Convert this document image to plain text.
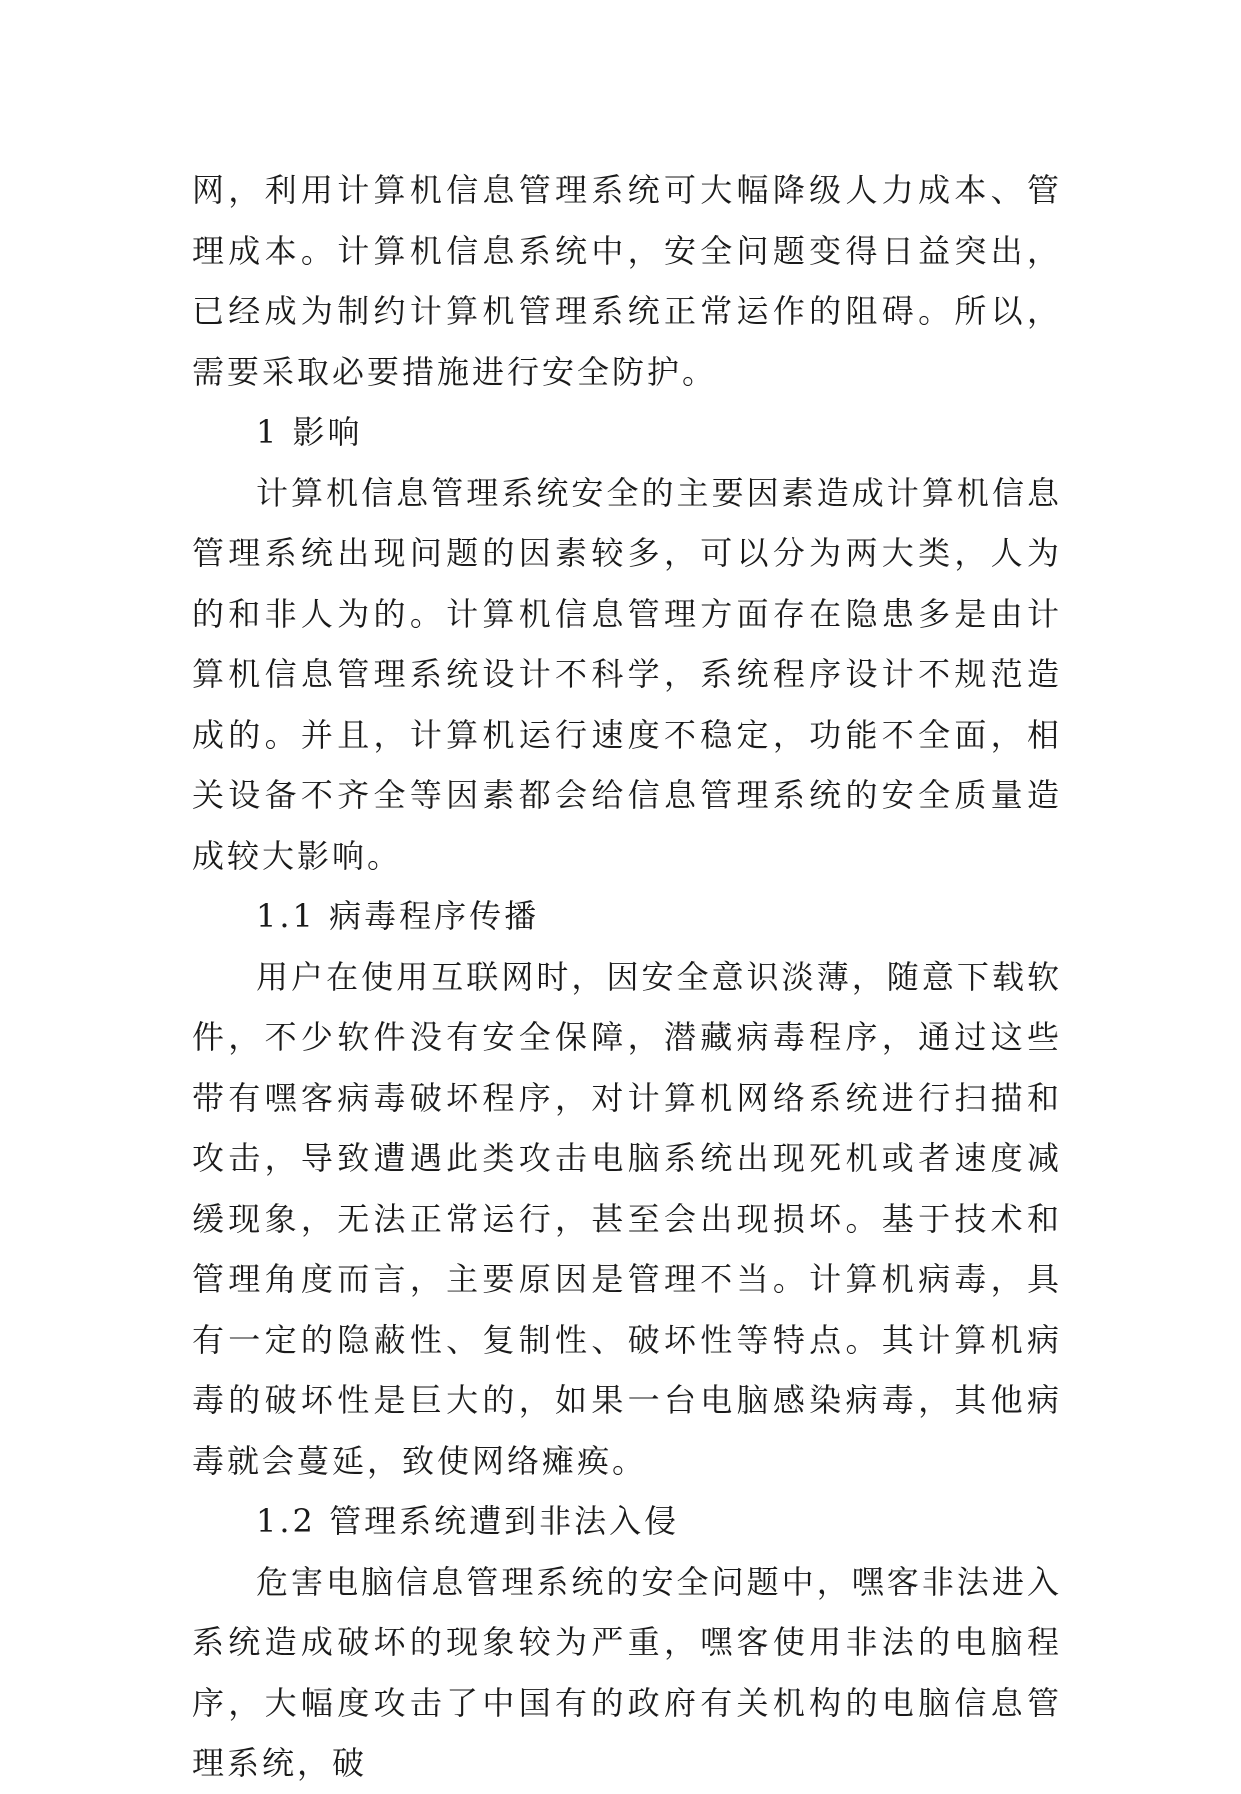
网，利用计算机信息管理系统可大幅降级人力成本、管理成本。计算机信息系统中，安全问题变得日益突出，已经成为制约计算机管理系统正常运作的阻碍。所以，需要采取必要措施进行安全防护。

1 影响

计算机信息管理系统安全的主要因素造成计算机信息管理系统出现问题的因素较多，可以分为两大类，人为的和非人为的。计算机信息管理方面存在隐患多是由计算机信息管理系统设计不科学，系统程序设计不规范造成的。并且，计算机运行速度不稳定，功能不全面，相关设备不齐全等因素都会给信息管理系统的安全质量造成较大影响。

1.1 病毒程序传播

用户在使用互联网时，因安全意识淡薄，随意下载软件，不少软件没有安全保障，潜藏病毒程序，通过这些带有嘿客病毒破坏程序，对计算机网络系统进行扫描和攻击，导致遭遇此类攻击电脑系统出现死机或者速度减缓现象，无法正常运行，甚至会出现损坏。基于技术和管理角度而言，主要原因是管理不当。计算机病毒，具有一定的隐蔽性、复制性、破坏性等特点。其计算机病毒的破坏性是巨大的，如果一台电脑感染病毒，其他病毒就会蔓延，致使网络瘫痪。

1.2 管理系统遭到非法入侵

危害电脑信息管理系统的安全问题中，嘿客非法进入系统造成破坏的现象较为严重，嘿客使用非法的电脑程序，大幅度攻击了中国有的政府有关机构的电脑信息管理系统，破
